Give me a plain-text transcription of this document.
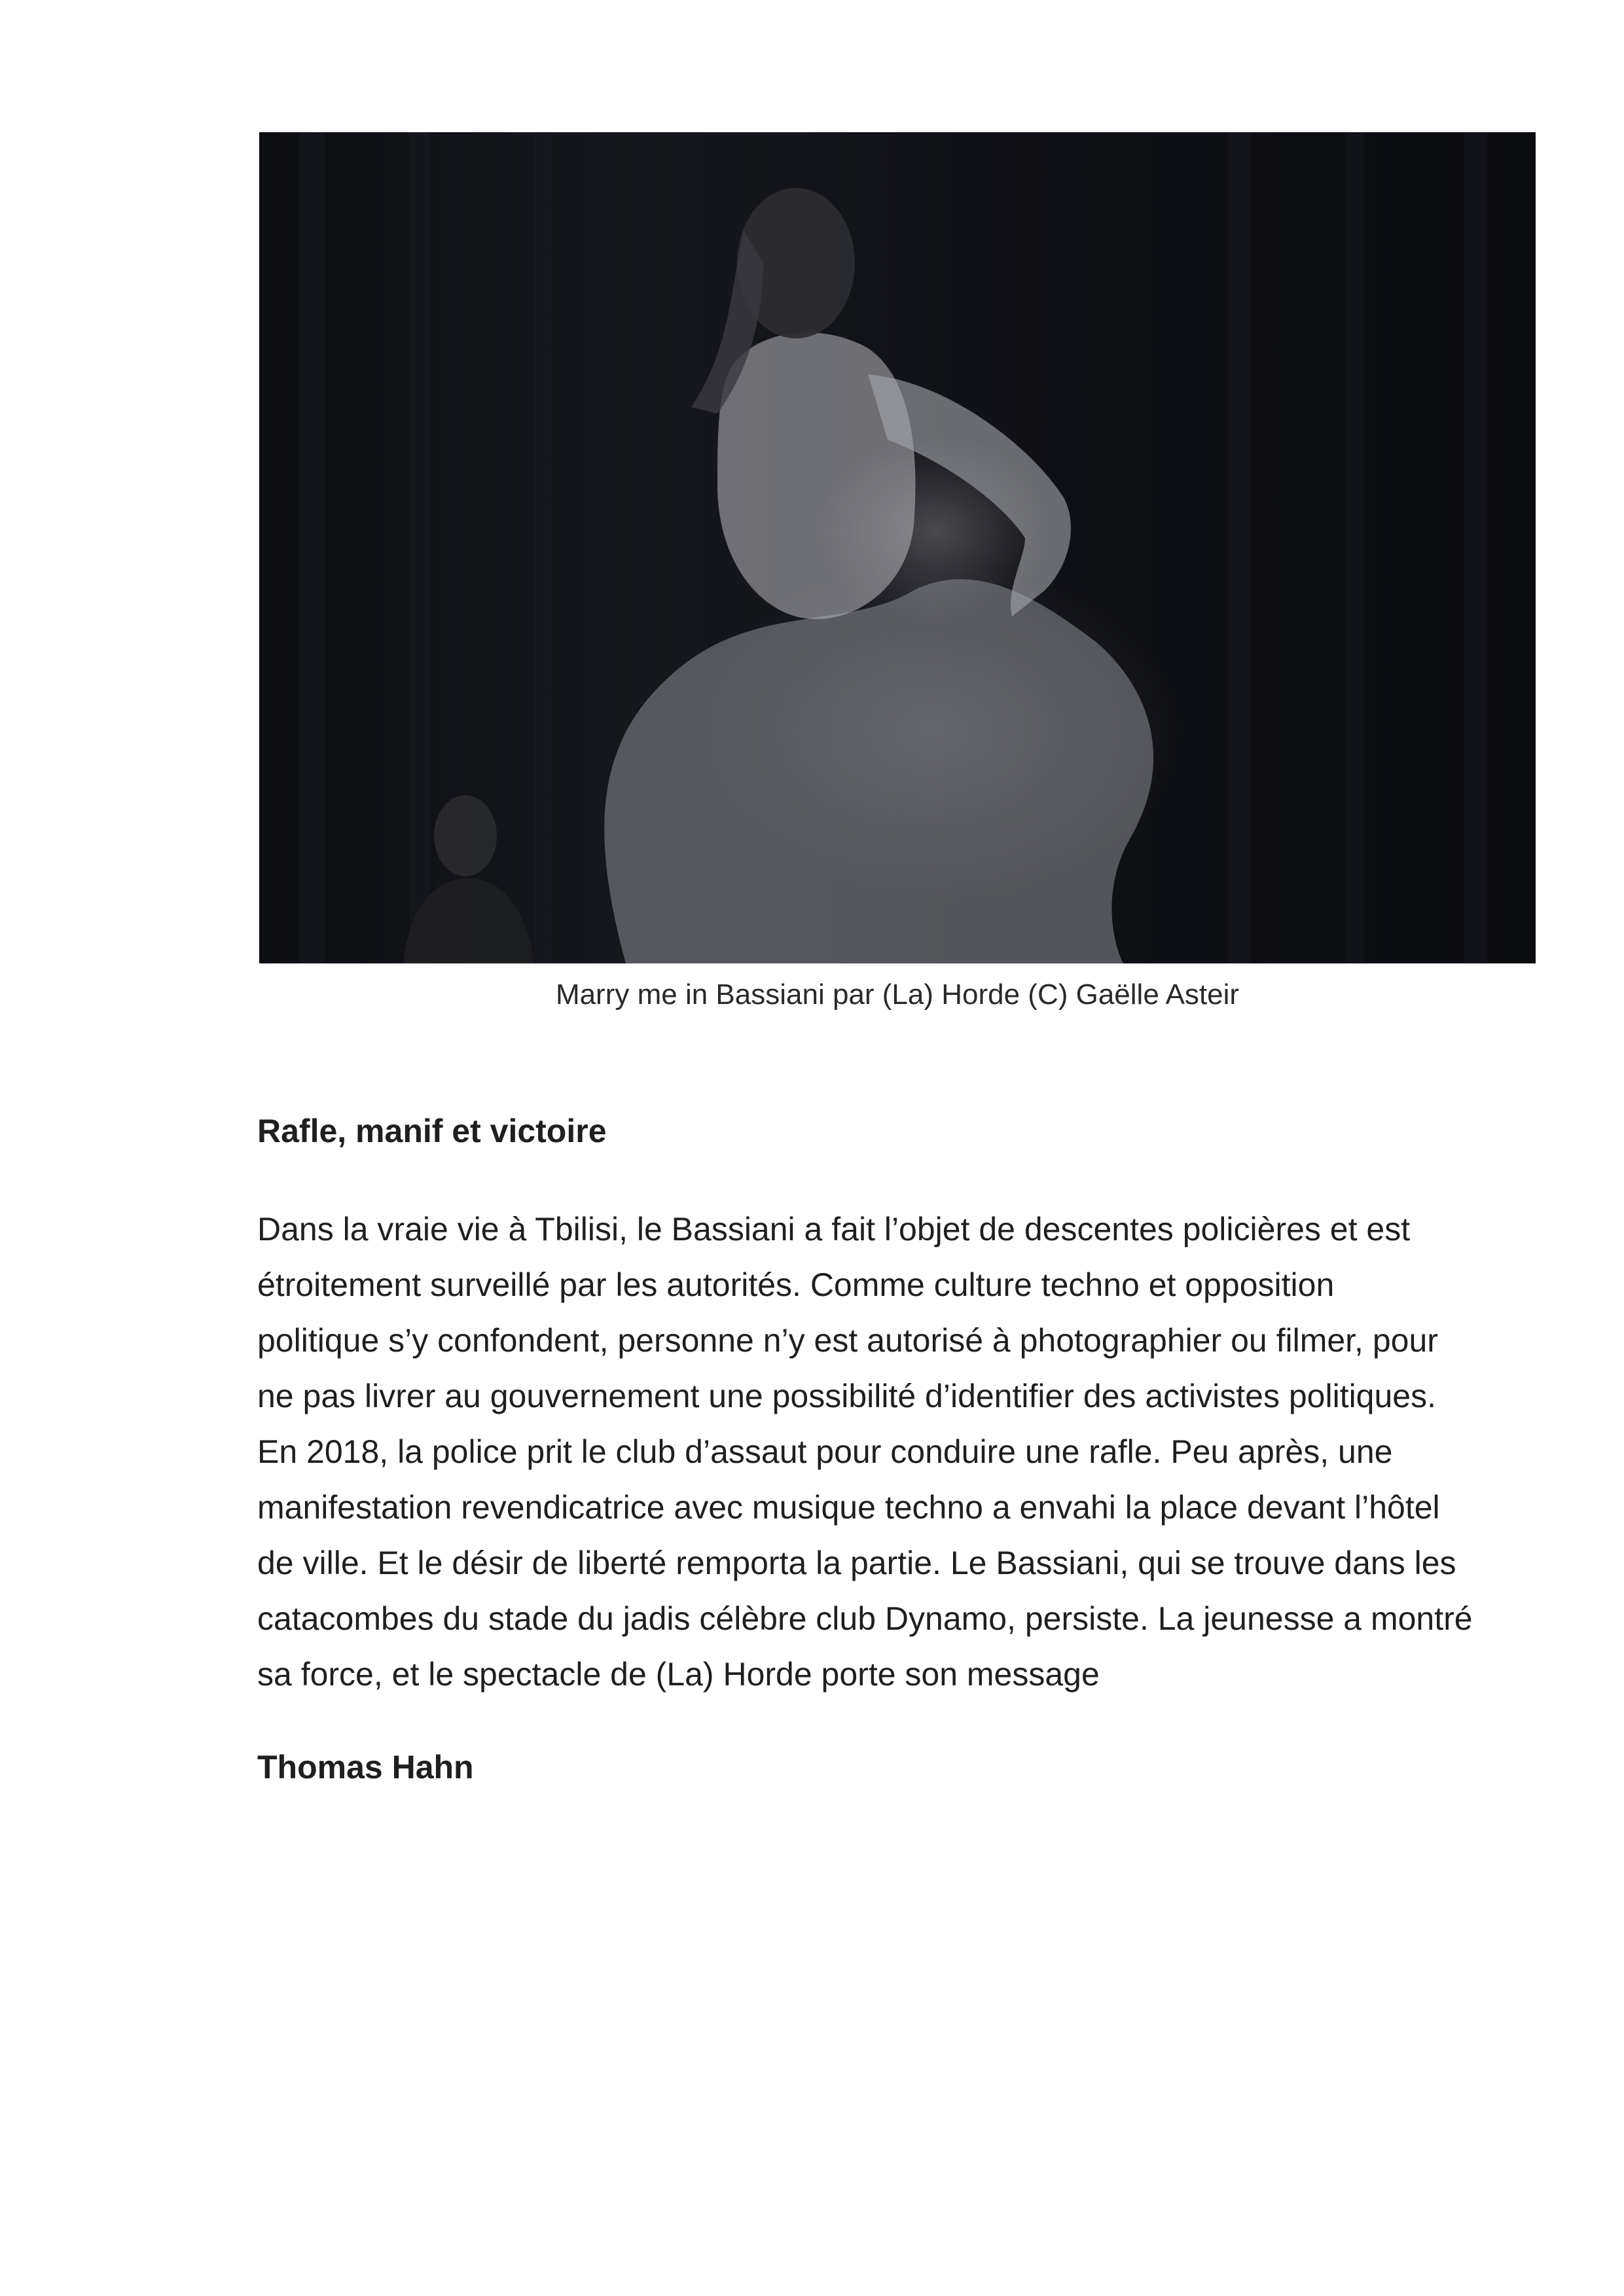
Marry me in Bassiani par (La) Horde (C) Gaëlle Asteir
Rafle, manif et victoire
Dans la vraie vie à Tbilisi, le Bassiani a fait l’objet de descentes policières et est
étroitement surveillé par les autorités. Comme culture techno et opposition
politique s’y confondent, personne n’y est autorisé à photographier ou filmer, pour
ne pas livrer au gouvernement une possibilité d’identifier des activistes politiques.
En 2018, la police prit le club d’assaut pour conduire une rafle. Peu après, une
manifestation revendicatrice avec musique techno a envahi la place devant l’hôtel
de ville. Et le désir de liberté remporta la partie. Le Bassiani, qui se trouve dans les
catacombes du stade du jadis célèbre club Dynamo, persiste. La jeunesse a montré
sa force, et le spectacle de (La) Horde porte son message
Thomas Hahn
